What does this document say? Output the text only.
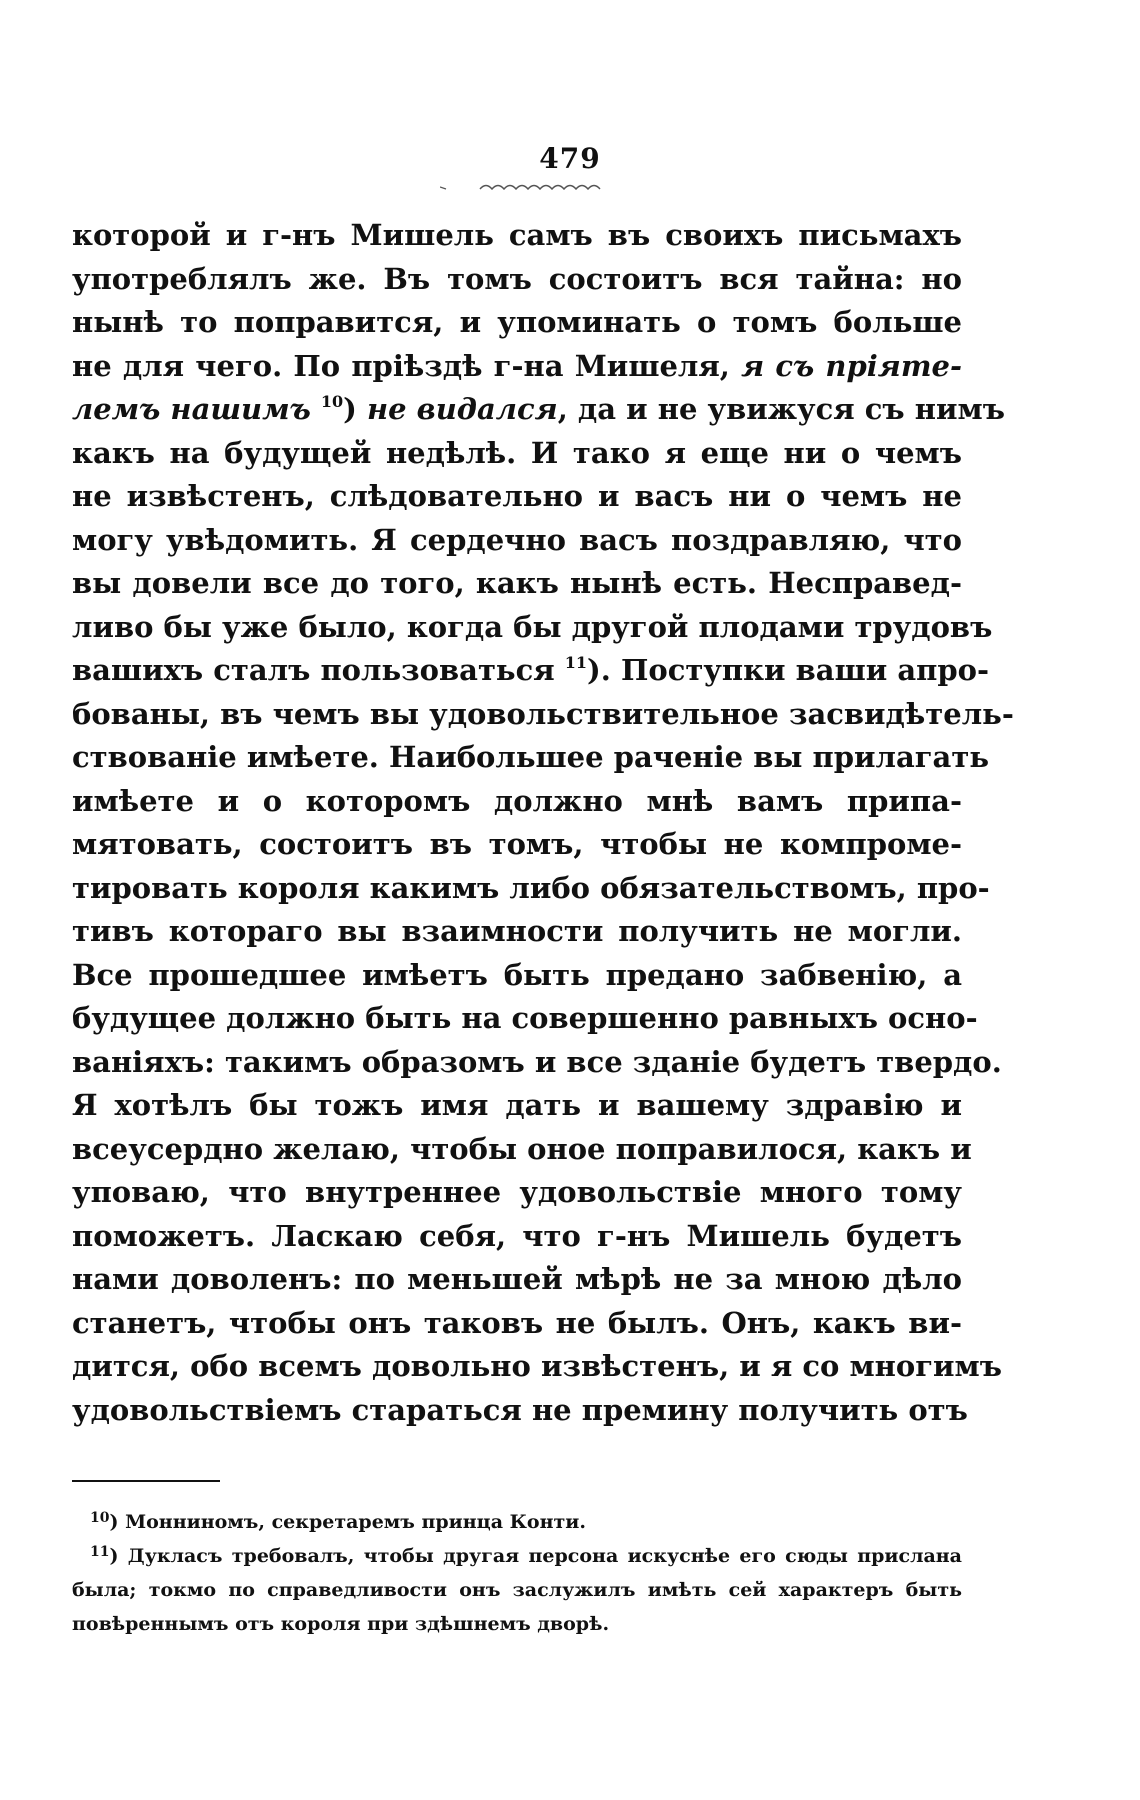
479
которой и г-нъ Мишель самъ въ своихъ письмахъ
употреблялъ же. Въ томъ состоитъ вся тайна: но
нынѣ то поправится, и упоминать о томъ больше
не для чего. По прiѣздѣ г-на Мишеля, я съ прiяте-
лемъ нашимъ $^{10}$) не видался, да и не увижуся съ нимъ
какъ на будущей недѣлѣ. И тако я еще ни о чемъ
не извѣстенъ, слѣдовательно и васъ ни о чемъ не
могу увѣдомить. Я сердечно васъ поздравляю, что
вы довели все до того, какъ нынѣ есть. Несправед-
ливо бы уже было, когда бы другой плодами трудовъ
вашихъ сталъ пользоваться $^{11}$). Поступки ваши апро-
бованы, въ чемъ вы удовольствительное засвидѣтель-
ствованiе имѣете. Наибольшее раченiе вы прилагать
имѣете и о которомъ должно мнѣ вамъ припа-
мятовать, состоитъ въ томъ, чтобы не компроме-
тировать короля какимъ либо обязательствомъ, про-
тивъ котораго вы взаимности получить не могли.
Все прошедшее имѣетъ быть предано забвенiю, а
будущее должно быть на совершенно равныхъ осно-
ванiяхъ: такимъ образомъ и все зданiе будетъ твердо.
Я хотѣлъ бы тожъ имя дать и вашему здравiю и
всеусердно желаю, чтобы оное поправилося, какъ и
уповаю, что внутреннее удовольствiе много тому
поможетъ. Ласкаю себя, что г-нъ Мишель будетъ
нами доволенъ: по меньшей мѣрѣ не за мною дѣло
станетъ, чтобы онъ таковъ не былъ. Онъ, какъ ви-
дится, обо всемъ довольно извѣстенъ, и я со многимъ
удовольствiемъ стараться не премину получить отъ
$^{10}$) Монниномъ, секретаремъ принца Конти.
$^{11}$) Дукласъ требовалъ, чтобы другая персона искуснѣе его сюды прислана
была; токмо по справедливости онъ заслужилъ имѣть сей характеръ быть
повѣреннымъ отъ короля при здѣшнемъ дворѣ.
